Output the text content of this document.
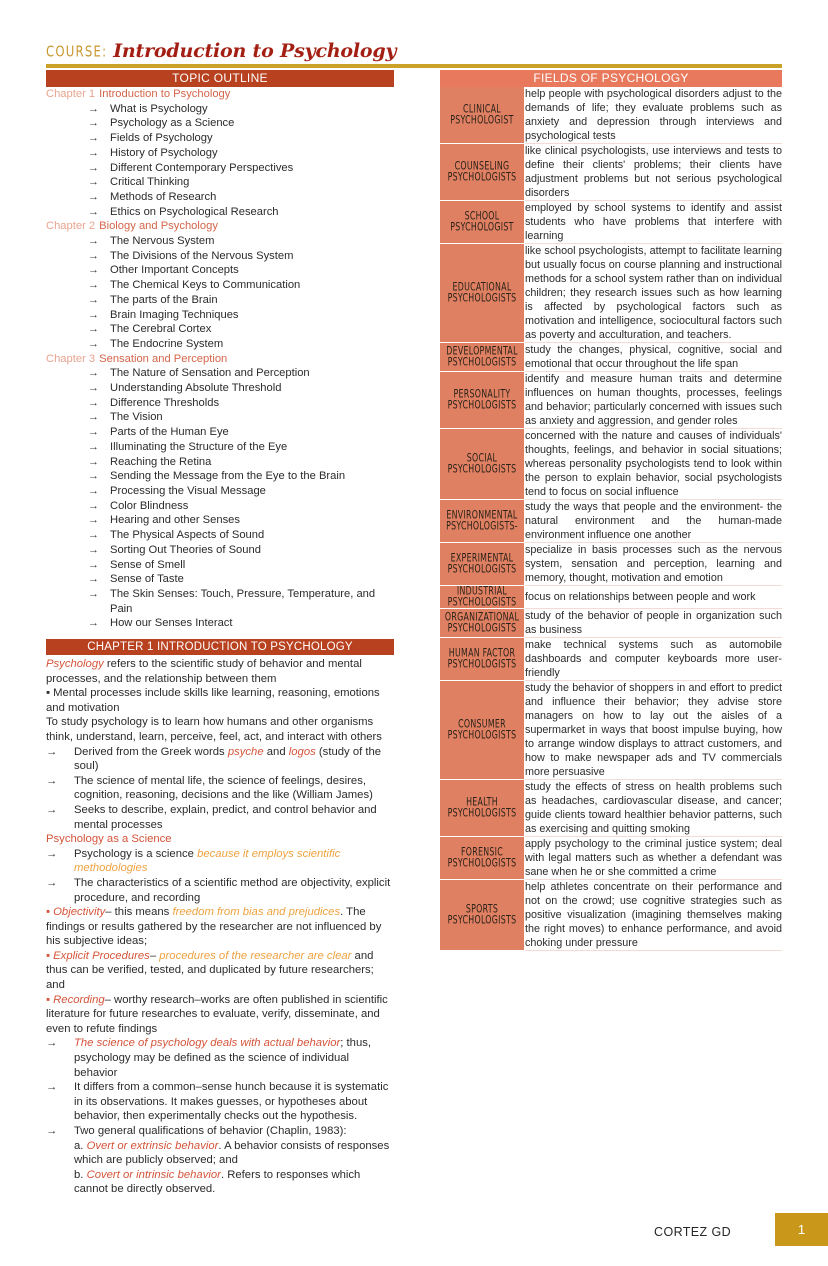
COURSE: Introduction to Psychology
TOPIC OUTLINE	FIELDS OF PSYCHOLOGY
Chapter 1 Introduction to Psychology
→ What is Psychology
→ Psychology as a Science
→ Fields of Psychology
→ History of Psychology
→ Different Contemporary Perspectives
→ Critical Thinking
→ Methods of Research
→ Ethics on Psychological Research
Chapter 2 Biology and Psychology
→ The Nervous System
→ The Divisions of the Nervous System
→ Other Important Concepts
→ The Chemical Keys to Communication
→ The parts of the Brain
→ Brain Imaging Techniques
→ The Cerebral Cortex
→ The Endocrine System
Chapter 3 Sensation and Perception
→ The Nature of Sensation and Perception
→ Understanding Absolute Threshold
→ Difference Thresholds
→ The Vision
→ Parts of the Human Eye
→ Illuminating the Structure of the Eye
→ Reaching the Retina
→ Sending the Message from the Eye to the Brain
→ Processing the Visual Message
→ Color Blindness
→ Hearing and other Senses
→ The Physical Aspects of Sound
→ Sorting Out Theories of Sound
→ Sense of Smell
→ Sense of Taste
→ The Skin Senses: Touch, Pressure, Temperature, and Pain
→ How our Senses Interact
CHAPTER 1 INTRODUCTION TO PSYCHOLOGY

Psychology refers to the scientific study of behavior and mental processes, and the relationship between them

▪ Mental processes include skills like learning, reasoning, emotions and motivation

To study psychology is to learn how humans and other organisms think, understand, learn, perceive, feel, act, and interact with others

→	Derived from the Greek words psyche and logos (study of the soul)
→	The science of mental life, the science of feelings, desires, cognition, reasoning, decisions and the like (William James)
→	Seeks to describe, explain, predict, and control behavior and mental processes

Psychology as a Science

→	Psychology is a science because it employs scientific methodologies
→	The characteristics of a scientific method are objectivity, explicit procedure, and recording

▪ Objectivity– this means freedom from bias and prejudices. The findings or results gathered by the researcher are not influenced by his subjective ideas;

▪ Explicit Procedures– procedures of the researcher are clear and thus can be verified, tested, and duplicated by future researchers; and

▪ Recording– worthy research–works are often published in scientific literature for future researches to evaluate, verify, disseminate, and even to refute findings

→	The science of psychology deals with actual behavior; thus, psychology may be defined as the science of individual behavior
→	It differs from a common–sense hunch because it is systematic in its observations. It makes guesses, or hypotheses about behavior, then experimentally checks out the hypothesis.
→	Two general qualifications of behavior (Chaplin, 1983):

a. Overt or extrinsic behavior. A behavior consists of responses which are publicly observed; and

b. Covert or intrinsic behavior. Refers to responses which cannot be directly observed.

CLINICAL
PSYCHOLOGIST	help people with psychological disorders adjust to the demands of life; they evaluate problems such as anxiety and depression through interviews and psychological tests

COUNSELING
PSYCHOLOGISTS	like clinical psychologists, use interviews and tests to define their clients' problems; their clients have adjustment problems but not serious psychological disorders

SCHOOL
PSYCHOLOGIST	employed by school systems to identify and assist students who have problems that interfere with learning

EDUCATIONAL
PSYCHOLOGISTS	like school psychologists, attempt to facilitate learning but usually focus on course planning and instructional methods for a school system rather than on individual children; they research issues such as how learning is affected by psychological factors such as motivation and intelligence, sociocultural factors such as poverty and acculturation, and teachers.

DEVELOPMENTAL
PSYCHOLOGISTS	study the changes, physical, cognitive, social and emotional that occur throughout the life span

PERSONALITY
PSYCHOLOGISTS	identify and measure human traits and determine influences on human thoughts, processes, feelings and behavior; particularly concerned with issues such as anxiety and aggression, and gender roles

SOCIAL
PSYCHOLOGISTS	concerned with the nature and causes of individuals' thoughts, feelings, and behavior in social situations; whereas personality psychologists tend to look within the person to explain behavior, social psychologists tend to focus on social influence

ENVIRONMENTAL
PSYCHOLOGISTS-	study the ways that people and the environment- the natural environment and the human-made environment influence one another

EXPERIMENTAL
PSYCHOLOGISTS	specialize in basis processes such as the nervous system, sensation and perception, learning and memory, thought, motivation and emotion

INDUSTRIAL
PSYCHOLOGISTS	focus on relationships between people and work

ORGANIZATIONAL
PSYCHOLOGISTS	study of the behavior of people in organization such as business

HUMAN FACTOR
PSYCHOLOGISTS	make technical systems such as automobile dashboards and computer keyboards more user-friendly

CONSUMER
PSYCHOLOGISTS	study the behavior of shoppers in and effort to predict and influence their behavior; they advise store managers on how to lay out the aisles of a supermarket in ways that boost impulse buying, how to arrange window displays to attract customers, and how to make newspaper ads and TV commercials more persuasive

HEALTH
PSYCHOLOGISTS	study the effects of stress on health problems such as headaches, cardiovascular disease, and cancer; guide clients toward healthier behavior patterns, such as exercising and quitting smoking

FORENSIC
PSYCHOLOGISTS	apply psychology to the criminal justice system; deal with legal matters such as whether a defendant was sane when he or she committed a crime

SPORTS
PSYCHOLOGISTS	help athletes concentrate on their performance and not on the crowd; use cognitive strategies such as positive visualization (imagining themselves making the right moves) to enhance performance, and avoid choking under pressure
CORTEZ GD	1
